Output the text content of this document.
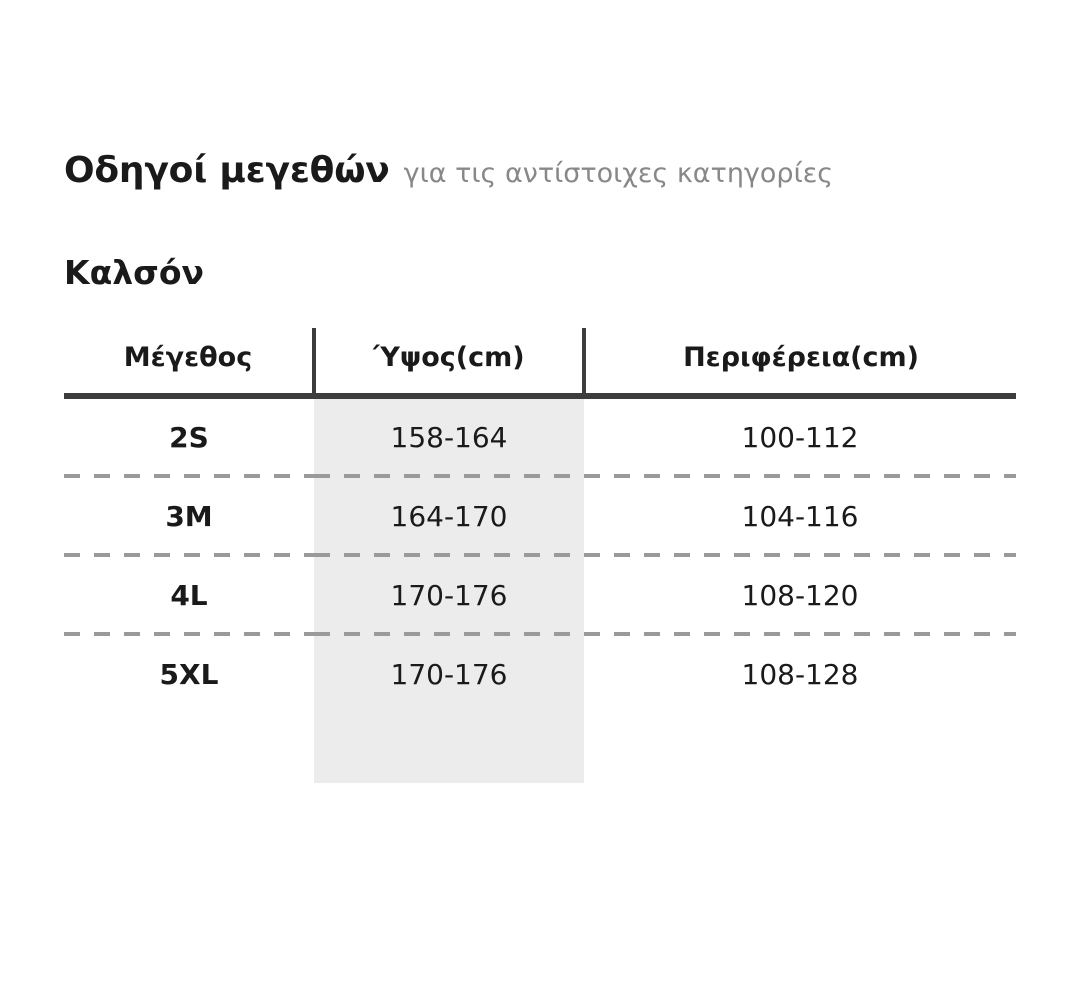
Οδηγοί μεγεθών για τις αντίστοιχες κατηγορίες
Καλσόν
Μέγεθος	Ύψος(cm)	Περιφέρεια(cm)

2S	158-164	100-112

3M	164-170	104-116

4L	170-176	108-120

5XL	170-176	108-128
